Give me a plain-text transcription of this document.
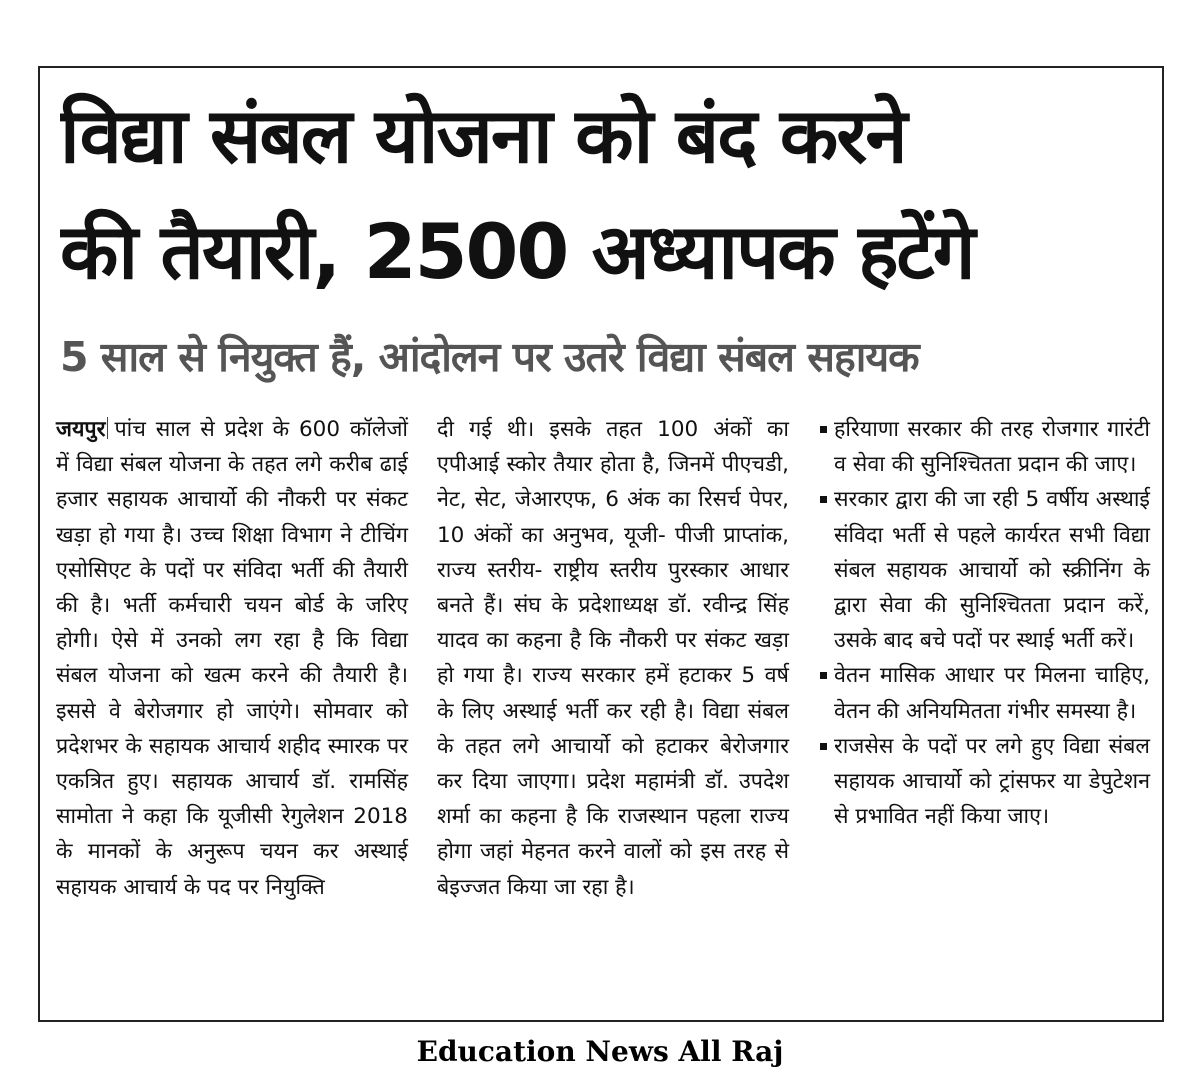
विद्या संबल योजना को बंद करने
की तैयारी, 2500 अध्यापक हटेंगे
5 साल से नियुक्त हैं, आंदोलन पर उतरे विद्या संबल सहायक

जयपुर पांच साल से प्रदेश के 600 कॉलेजों में विद्या संबल योजना के तहत लगे करीब ढाई हजार सहायक आचार्यो की नौकरी पर संकट खड़ा हो गया है। उच्च शिक्षा विभाग ने टीचिंग एसोसिएट के पदों पर संविदा भर्ती की तैयारी की है। भर्ती कर्मचारी चयन बोर्ड के जरिए होगी। ऐसे में उनको लग रहा है कि विद्या संबल योजना को खत्म करने की तैयारी है। इससे वे बेरोजगार हो जाएंगे। सोमवार को प्रदेशभर के सहायक आचार्य शहीद स्मारक पर एकत्रित हुए। सहायक आचार्य डॉ. रामसिंह सामोता ने कहा कि यूजीसी रेगुलेशन 2018 के मानकों के अनुरूप चयन कर अस्थाई सहायक आचार्य के पद पर नियुक्ति

दी गई थी। इसके तहत 100 अंकों का एपीआई स्कोर तैयार होता है, जिनमें पीएचडी, नेट, सेट, जेआरएफ, 6 अंक का रिसर्च पेपर, 10 अंकों का अनुभव, यूजी- पीजी प्राप्तांक, राज्य स्तरीय- राष्ट्रीय स्तरीय पुरस्कार आधार बनते हैं। संघ के प्रदेशाध्यक्ष डॉ. रवीन्द्र सिंह यादव का कहना है कि नौकरी पर संकट खड़ा हो गया है। राज्य सरकार हमें हटाकर 5 वर्ष के लिए अस्थाई भर्ती कर रही है। विद्या संबल के तहत लगे आचार्यो को हटाकर बेरोजगार कर दिया जाएगा। प्रदेश महामंत्री डॉ. उपदेश शर्मा का कहना है कि राजस्थान पहला राज्य होगा जहां मेहनत करने वालों को इस तरह से बेइज्जत किया जा रहा है।

हरियाणा सरकार की तरह रोजगार गारंटी व सेवा की सुनिश्चितता प्रदान की जाए।
सरकार द्वारा की जा रही 5 वर्षीय अस्थाई संविदा भर्ती से पहले कार्यरत सभी विद्या संबल सहायक आचार्यो को स्क्रीनिंग के द्वारा सेवा की सुनिश्चितता प्रदान करें, उसके बाद बचे पदों पर स्थाई भर्ती करें।
वेतन मासिक आधार पर मिलना चाहिए, वेतन की अनियमितता गंभीर समस्या है।
राजसेस के पदों पर लगे हुए विद्या संबल सहायक आचार्यो को ट्रांसफर या डेपुटेशन से प्रभावित नहीं किया जाए।
Education News All Raj
